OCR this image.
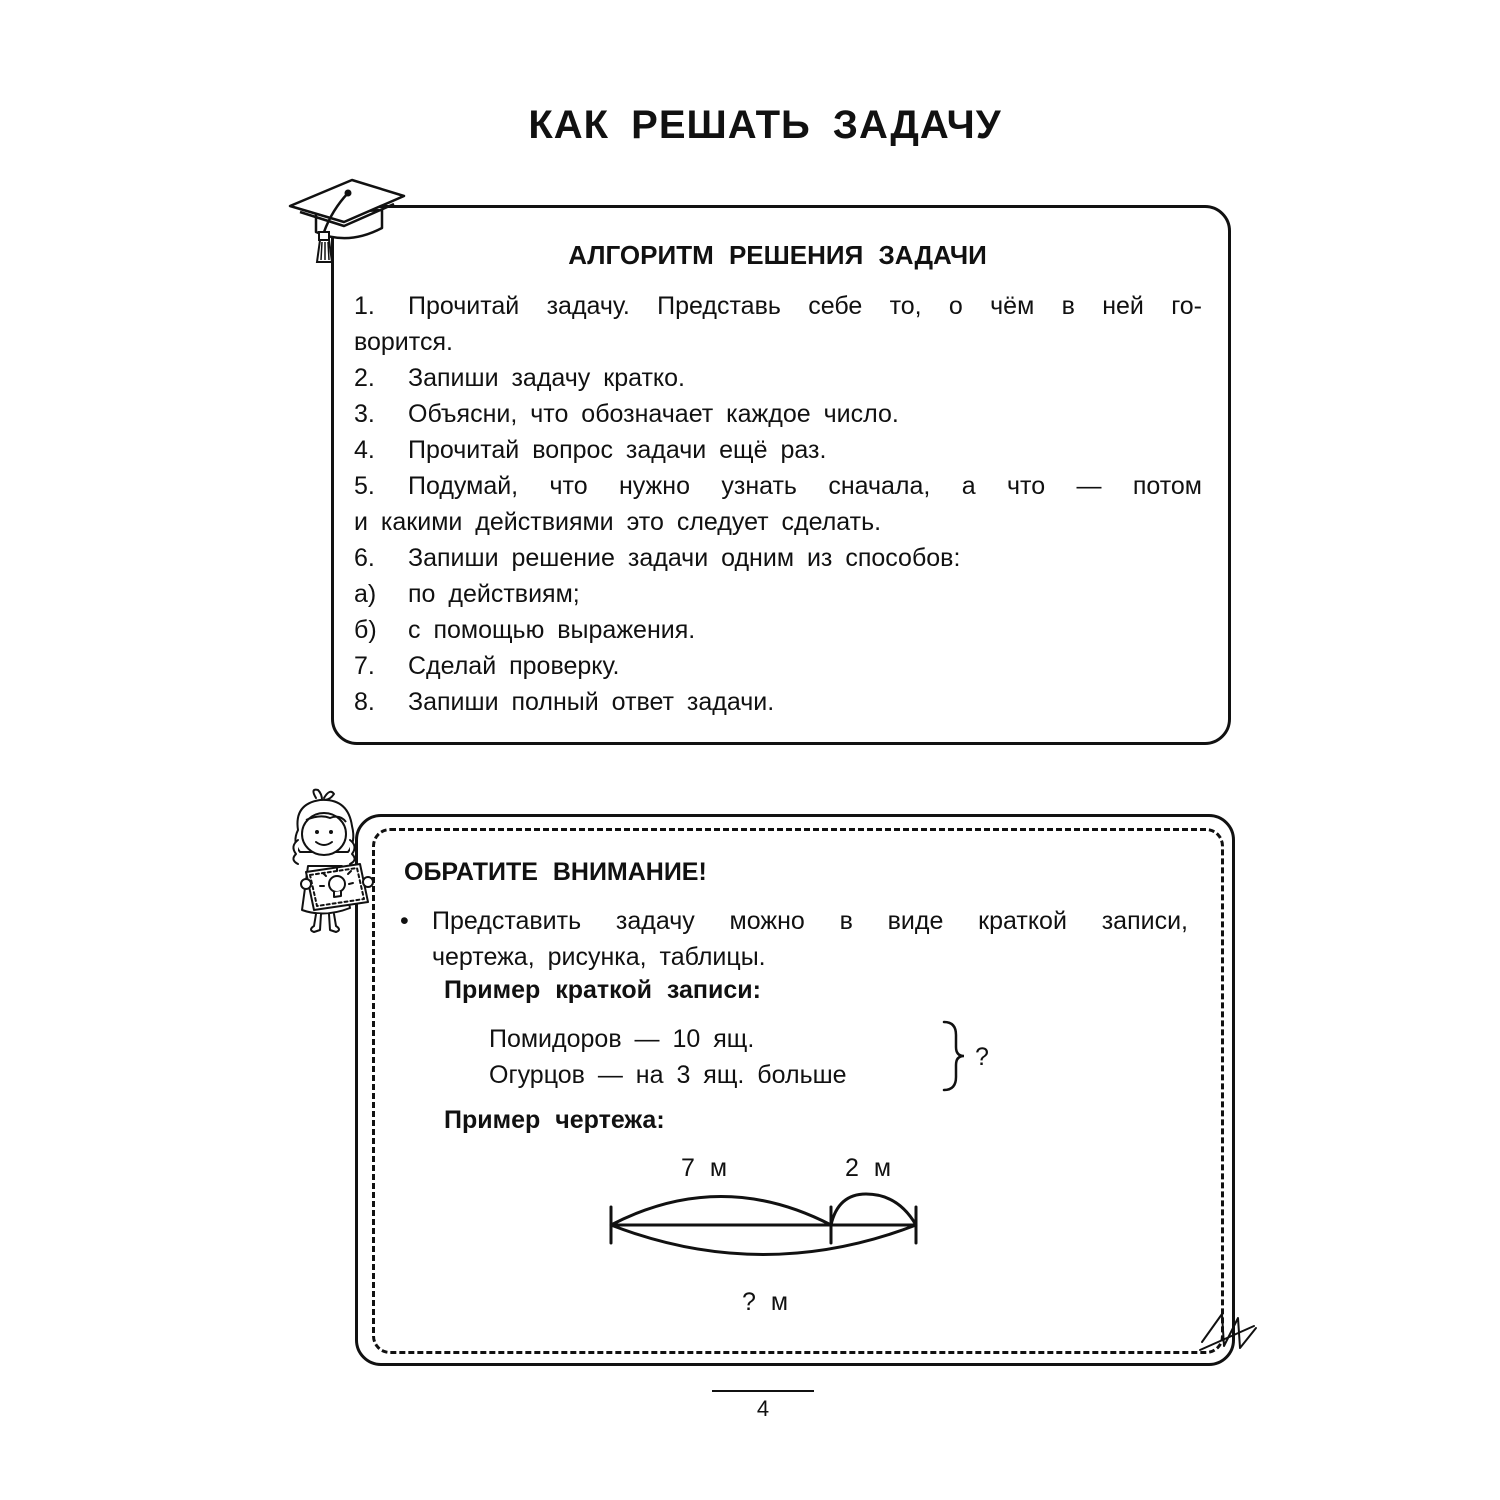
КАК РЕШАТЬ ЗАДАЧУ
АЛГОРИТМ РЕШЕНИЯ ЗАДАЧИ
1. Прочитай задачу. Представь себе то, о чём в ней го-
ворится.
2.	Запиши задачу кратко.
3.	Объясни, что обозначает каждое число.
4.	Прочитай вопрос задачи ещё раз.
5. Подумай, что нужно узнать сначала, а что — потом
и какими действиями это следует сделать.
6.	Запиши решение задачи одним из способов:
а)	по действиям;
б)	с помощью выражения.
7.	Сделай проверку.
8.	Запиши полный ответ задачи.
ОБРАТИТЕ ВНИМАНИЕ!
• Представить задачу можно в виде краткой записи,
чертежа, рисунка, таблицы.
Пример краткой записи:
Помидоров — 10 ящ.
Огурцов — на 3 ящ. больше
?
Пример чертежа:
7 м	2 м
? м
4
